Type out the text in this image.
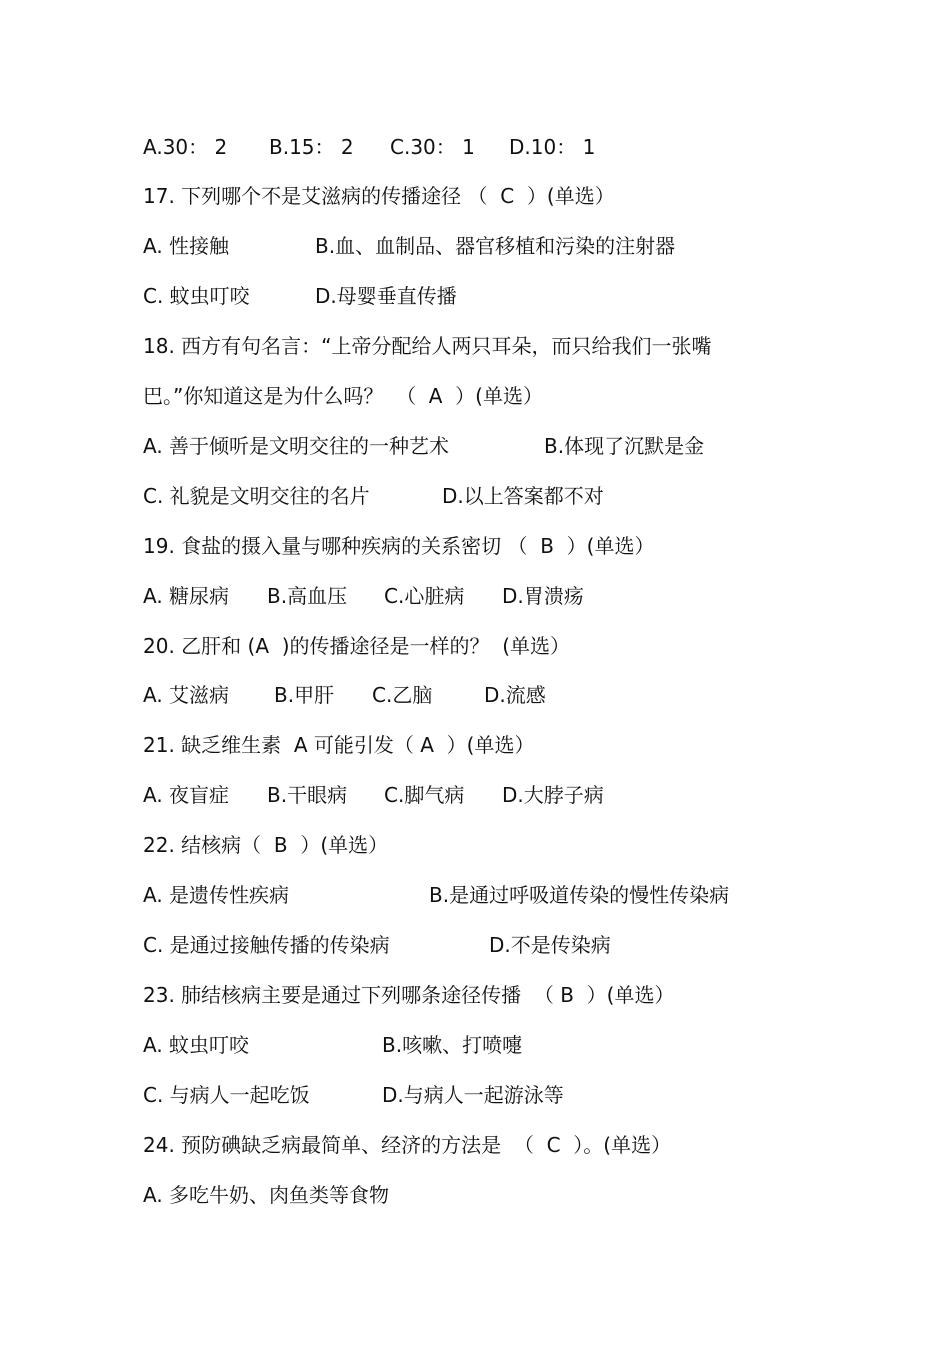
A.30： 2

B.15： 2

C.30： 1

D.10： 1

17. 下列哪个不是艾滋病的传播途径 （  C  ）(单选）

A. 性接触

	B.血、血制品、器官移植和污染的注射器

C. 蚊虫叮咬

	D.母婴垂直传播

18. 西方有句名言：“上帝分配给人两只耳朵，而只给我们一张嘴

巴。”你知道这是为什么吗？  （  A  ）(单选）

A. 善于倾听是文明交往的一种艺术

	B.体现了沉默是金

C. 礼貌是文明交往的名片

	D.以上答案都不对

19. 食盐的摄入量与哪种疾病的关系密切 （  B  ）(单选）

A. 糖尿病

B.高血压

C.心脏病

D.胃溃疡

20. 乙肝和 (A  )的传播途径是一样的？  (单选）

A. 艾滋病

B.甲肝

C.乙脑

	D.流感

21. 缺乏维生素  A 可能引发（ A  ）(单选）

A. 夜盲症

B.干眼病

C.脚气病

D.大脖子病

22. 结核病（  B  ）(单选）

A. 是遗传性疾病

	B.是通过呼吸道传染的慢性传染病

C. 是通过接触传播的传染病

	D.不是传染病

23. 肺结核病主要是通过下列哪条途径传播  （ B  ）(单选）

A. 蚊虫叮咬

	B.咳嗽、打喷嚏

C. 与病人一起吃饭

	D.与病人一起游泳等

24. 预防碘缺乏病最简单、经济的方法是  （  C  ）。(单选）

A. 多吃牛奶、肉鱼类等食物
